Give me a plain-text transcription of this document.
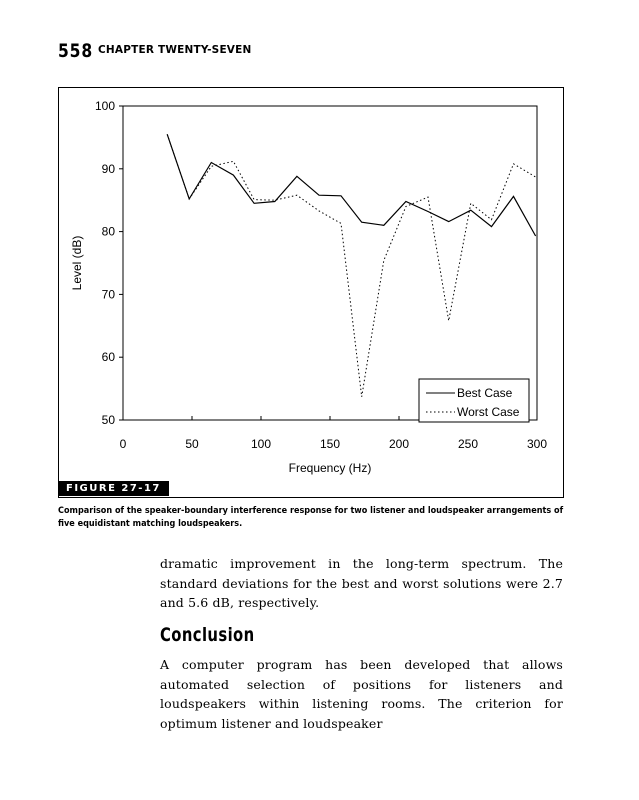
558 CHAPTER TWENTY-SEVEN
50
60
70
80
90
100
0	50	100	150	200	250	300
Level (dB)
Frequency (Hz)
Best Case
Worst Case
FIGURE 27-17
Comparison of the speaker-boundary interference response for two listener and loudspeaker arrangements of five equidistant matching loudspeakers.
dramatic improvement in the long-term spectrum. The standard deviations for the best and worst solutions were 2.7 and 5.6 dB, respectively.
Conclusion
A computer program has been developed that allows automated selection of positions for listeners and loudspeakers within listening rooms. The criterion for optimum listener and loudspeaker
